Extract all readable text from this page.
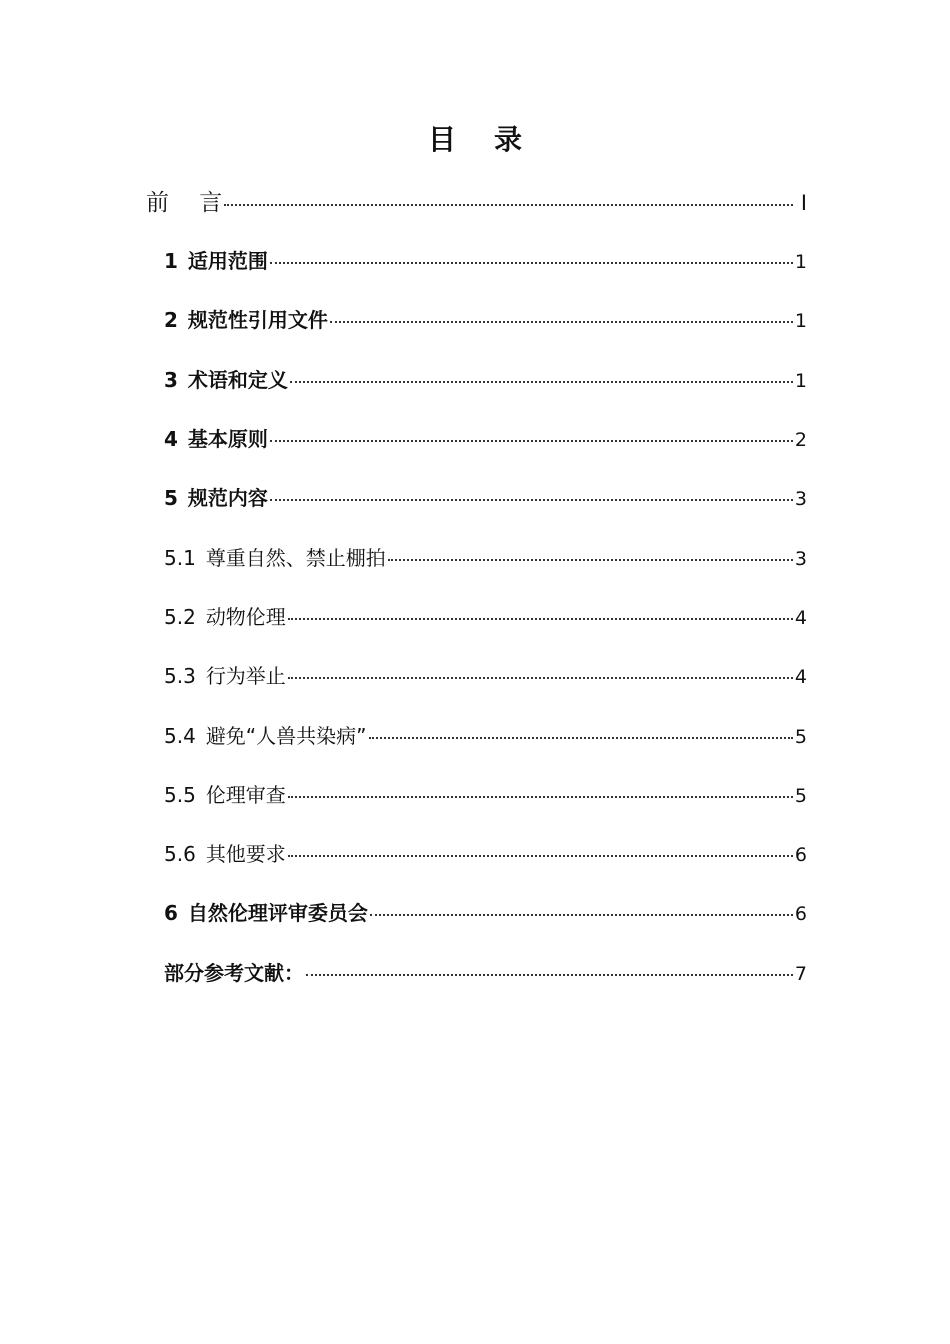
目 录
前　 言	I
1 适用范围	1
2 规范性引用文件	1
3 术语和定义	1
4 基本原则	2
5 规范内容	3
5.1 尊重自然、禁止棚拍	3
5.2 动物伦理	4
5.3 行为举止	4
5.4 避免“人兽共染病”	5
5.5 伦理审查	5
5.6 其他要求	6
6 自然伦理评审委员会	6
部分参考文献：	7
